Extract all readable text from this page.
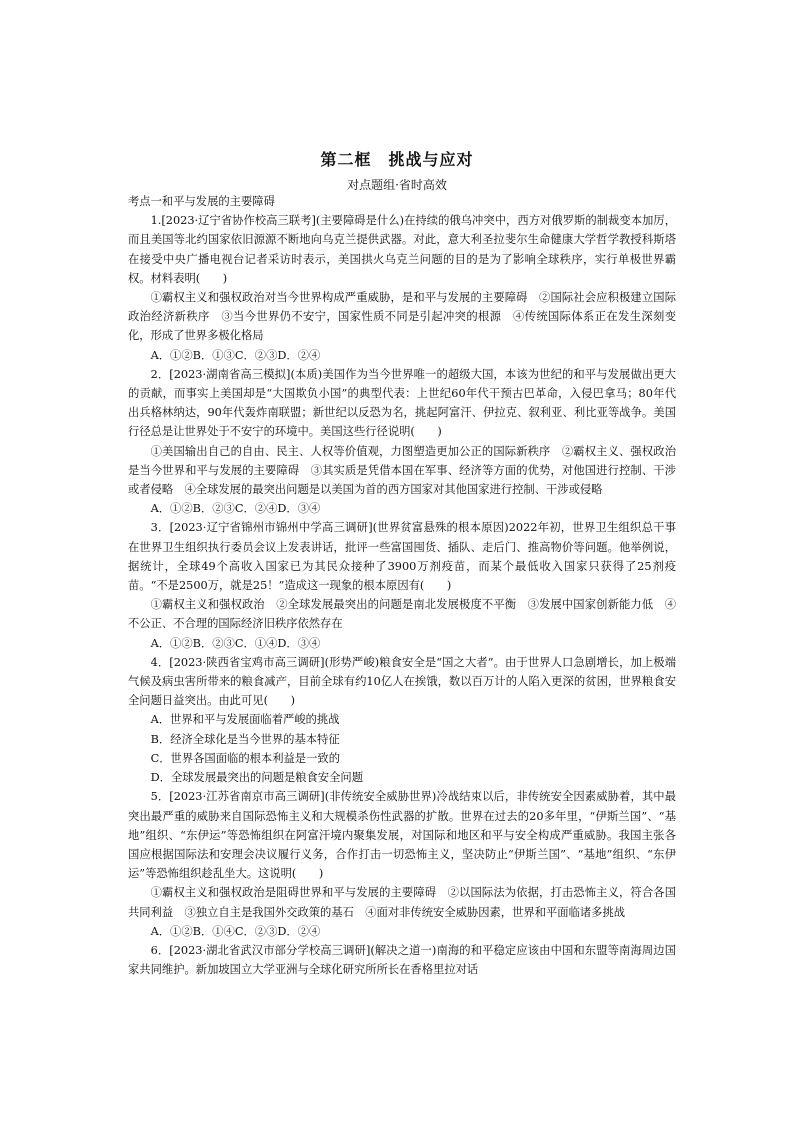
第二框　挑战与应对
对点题组·省时高效

考点一和平与发展的主要障碍

1.[2023·辽宁省协作校高三联考](主要障碍是什么)在持续的俄乌冲突中，西方对俄罗斯的制裁变本加厉，而且美国等北约国家依旧源源不断地向乌克兰提供武器。对此，意大利圣拉斐尔生命健康大学哲学教授科斯塔在接受中央广播电视台记者采访时表示，美国拱火乌克兰问题的目的是为了影响全球秩序，实行单极世界霸权。材料表明(　　)

①霸权主义和强权政治对当今世界构成严重威胁，是和平与发展的主要障碍　②国际社会应积极建立国际政治经济新秩序　③当今世界仍不安宁，国家性质不同是引起冲突的根源　④传统国际体系正在发生深刻变化，形成了世界多极化格局

A．①②B．①③C．②③D．②④

2．[2023·湖南省高三模拟](本质)美国作为当今世界唯一的超级大国，本该为世纪的和平与发展做出更大的贡献，而事实上美国却是“大国欺负小国”的典型代表：上世纪60年代干预古巴革命，入侵巴拿马；80年代出兵格林纳达，90年代轰炸南联盟；新世纪以反恐为名，挑起阿富汗、伊拉克、叙利亚、利比亚等战争。美国行径总是让世界处于不安宁的环境中。美国这些行径说明(　　)

①美国输出自己的自由、民主、人权等价值观，力图塑造更加公正的国际新秩序　②霸权主义、强权政治是当今世界和平与发展的主要障碍　③其实质是凭借本国在军事、经济等方面的优势，对他国进行控制、干涉或者侵略　④全球发展的最突出问题是以美国为首的西方国家对其他国家进行控制、干涉或侵略

A．①②B．②③C．②④D．③④

3．[2023·辽宁省锦州市锦州中学高三调研](世界贫富悬殊的根本原因)2022年初，世界卫生组织总干事在世界卫生组织执行委员会议上发表讲话，批评一些富国囤货、插队、走后门、推高物价等问题。他举例说，据统计，全球49个高收入国家已为其民众接种了3900万剂疫苗，而某个最低收入国家只获得了25剂疫苗。“不是2500万，就是25！”造成这一现象的根本原因有(　　)

①霸权主义和强权政治　②全球发展最突出的问题是南北发展极度不平衡　③发展中国家创新能力低　④不公正、不合理的国际经济旧秩序依然存在

A．①②B．②③C．①④D．③④

4．[2023·陕西省宝鸡市高三调研](形势严峻)粮食安全是“国之大者”。由于世界人口急剧增长，加上极端气候及病虫害所带来的粮食减产，目前全球有约10亿人在挨饿，数以百万计的人陷入更深的贫困，世界粮食安全问题日益突出。由此可见(　　)

A．世界和平与发展面临着严峻的挑战

B．经济全球化是当今世界的基本特征

C．世界各国面临的根本利益是一致的

D．全球发展最突出的问题是粮食安全问题

5．[2023·江苏省南京市高三调研](非传统安全威胁世界)冷战结束以后，非传统安全因素威胁着，其中最突出最严重的威胁来自国际恐怖主义和大规模杀伤性武器的扩散。世界在过去的20多年里，“伊斯兰国”、“基地”组织、“东伊运”等恐怖组织在阿富汗境内聚集发展，对国际和地区和平与安全构成严重威胁。我国主张各国应根据国际法和安理会决议履行义务，合作打击一切恐怖主义，坚决防止“伊斯兰国”、“基地”组织、“东伊运”等恐怖组织趁乱坐大。这说明(　　)

①霸权主义和强权政治是阻碍世界和平与发展的主要障碍　②以国际法为依据，打击恐怖主义，符合各国共同利益　③独立自主是我国外交政策的基石　④面对非传统安全威胁因素，世界和平面临诸多挑战

A．①②B．①④C．②③D．②④

6．[2023·湖北省武汉市部分学校高三调研](解决之道一)南海的和平稳定应该由中国和东盟等南海周边国家共同维护。新加坡国立大学亚洲与全球化研究所所长在香格里拉对话
